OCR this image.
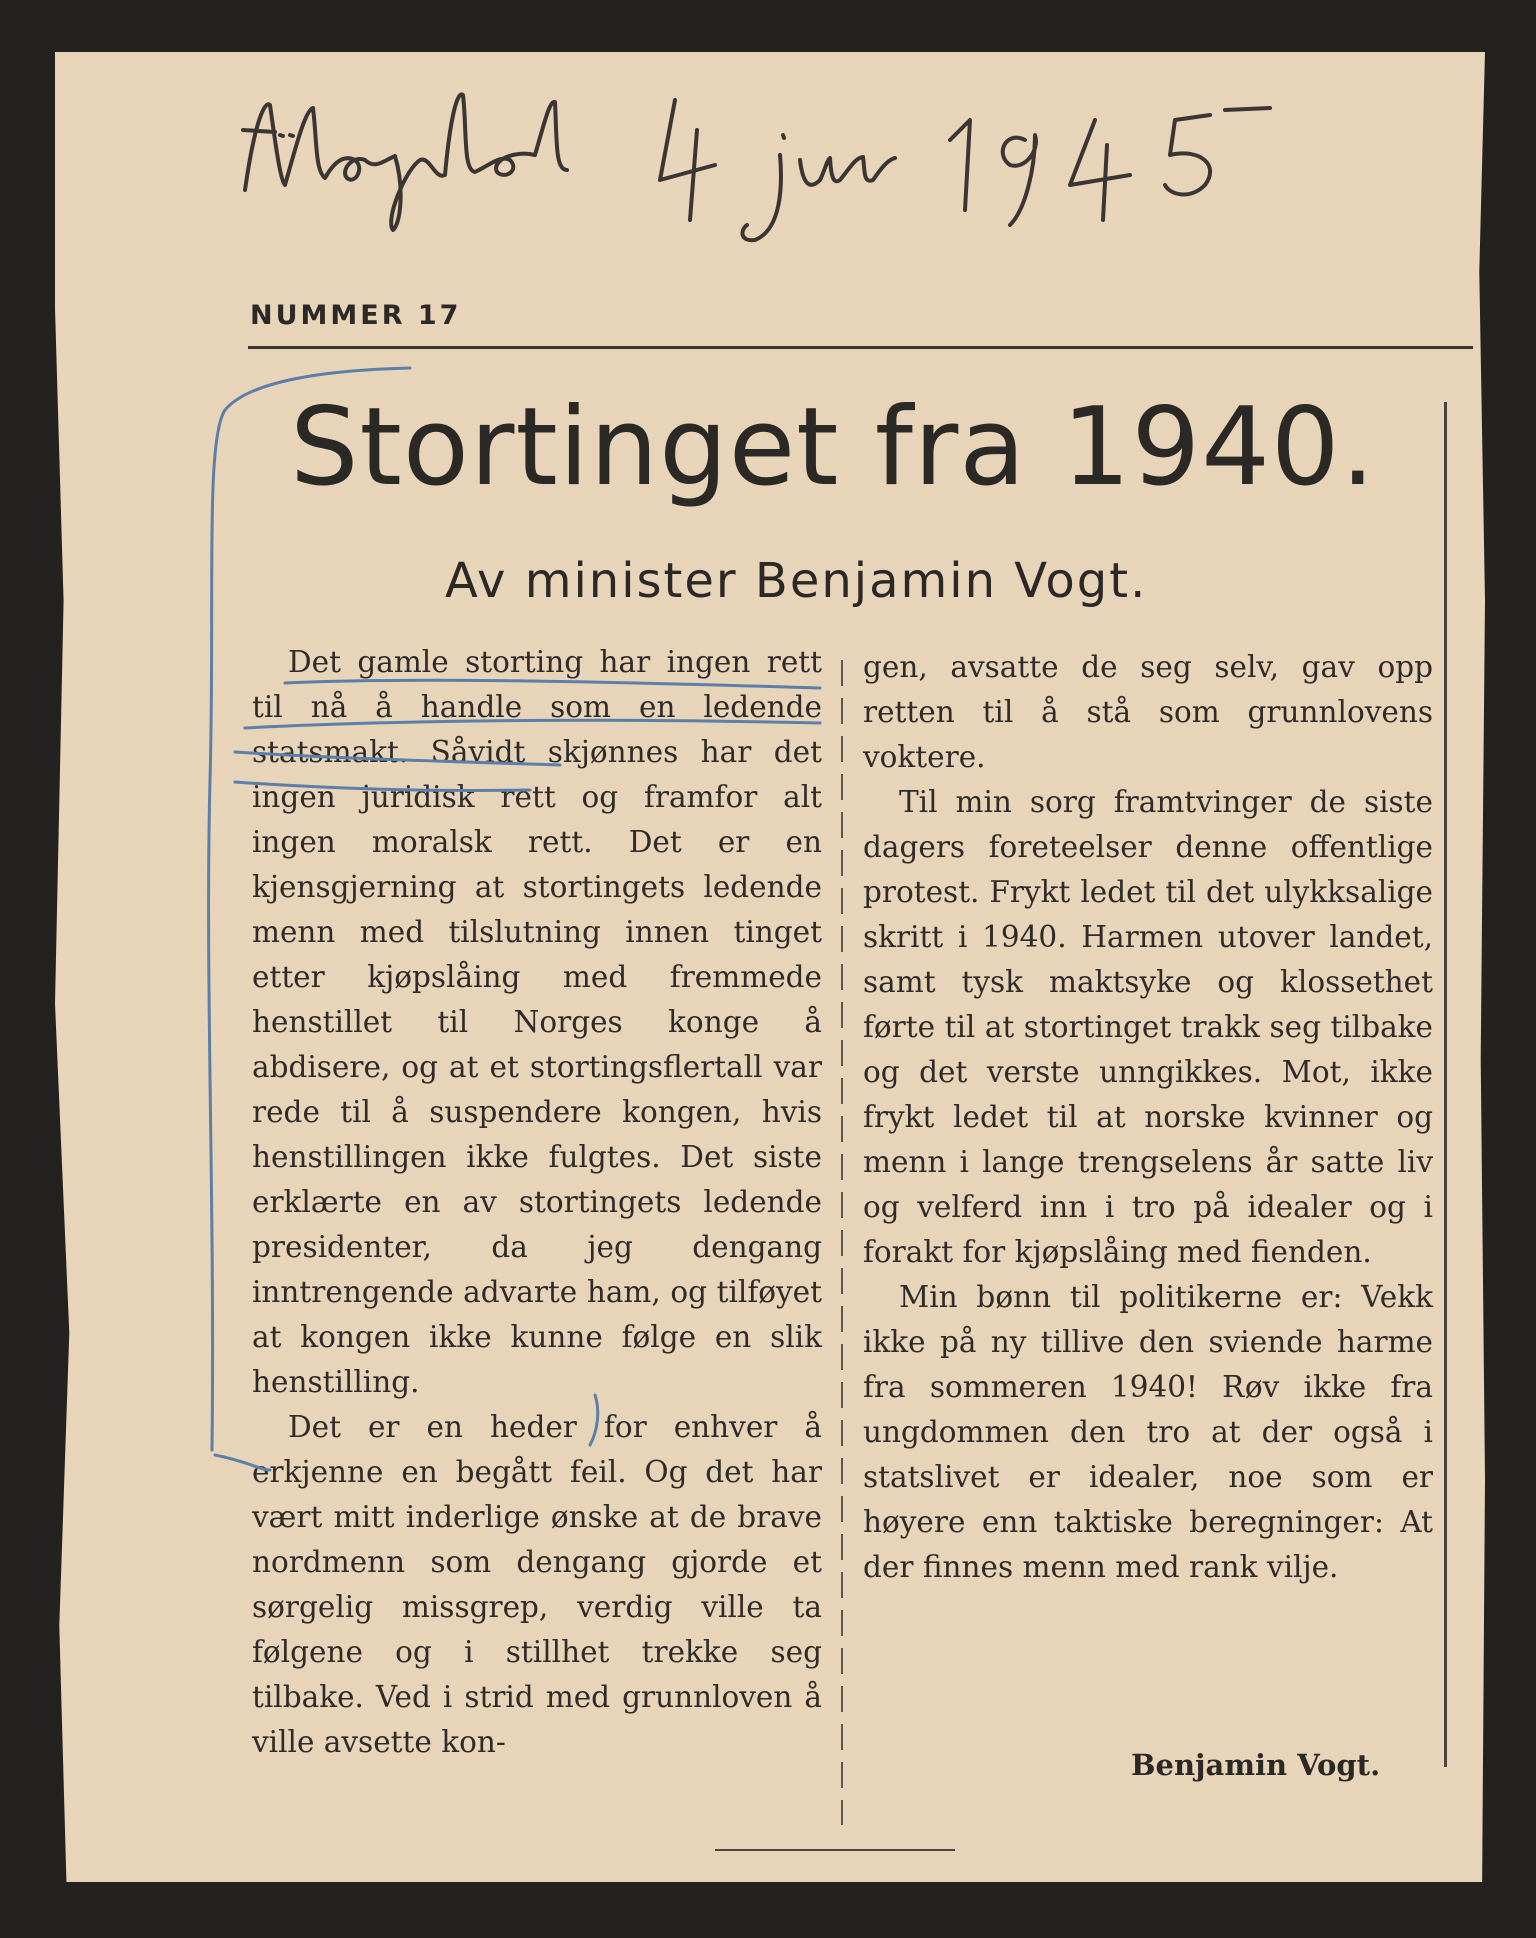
NUMMER 17
Stortinget fra 1940.
Av minister Benjamin Vogt.

Det gamle storting har ingen rett til nå å handle som en ledende statsmakt. Såvidt skjønnes har det ingen juridisk rett og framfor alt ingen moralsk rett. Det er en kjensgjerning at stortingets ledende menn med tilslutning innen tinget etter kjøpslåing med fremmede henstillet til Norges konge å abdisere, og at et stortingsflertall var rede til å suspendere kongen, hvis henstillingen ikke fulgtes. Det siste erklærte en av stortingets ledende presidenter, da jeg dengang inntrengende advarte ham, og tilføyet at kongen ikke kunne følge en slik henstilling.

Det er en heder for enhver å erkjenne en begått feil. Og det har vært mitt inderlige ønske at de brave nordmenn som dengang gjorde et sørgelig missgrep, verdig ville ta følgene og i stillhet trekke seg tilbake. Ved i strid med grunnloven å ville avsette kon-

gen, avsatte de seg selv, gav opp retten til å stå som grunnlovens voktere.

Til min sorg framtvinger de siste dagers foreteelser denne offentlige protest. Frykt ledet til det ulykksalige skritt i 1940. Harmen utover landet, samt tysk maktsyke og klossethet førte til at stortinget trakk seg tilbake og det verste unngikkes. Mot, ikke frykt ledet til at norske kvinner og menn i lange trengselens år satte liv og velferd inn i tro på idealer og i forakt for kjøpslåing med fienden.

Min bønn til politikerne er: Vekk ikke på ny tillive den sviende harme fra sommeren 1940! Røv ikke fra ungdommen den tro at der også i statslivet er idealer, noe som er høyere enn taktiske beregninger: At der finnes menn med rank vilje.

Benjamin Vogt.
